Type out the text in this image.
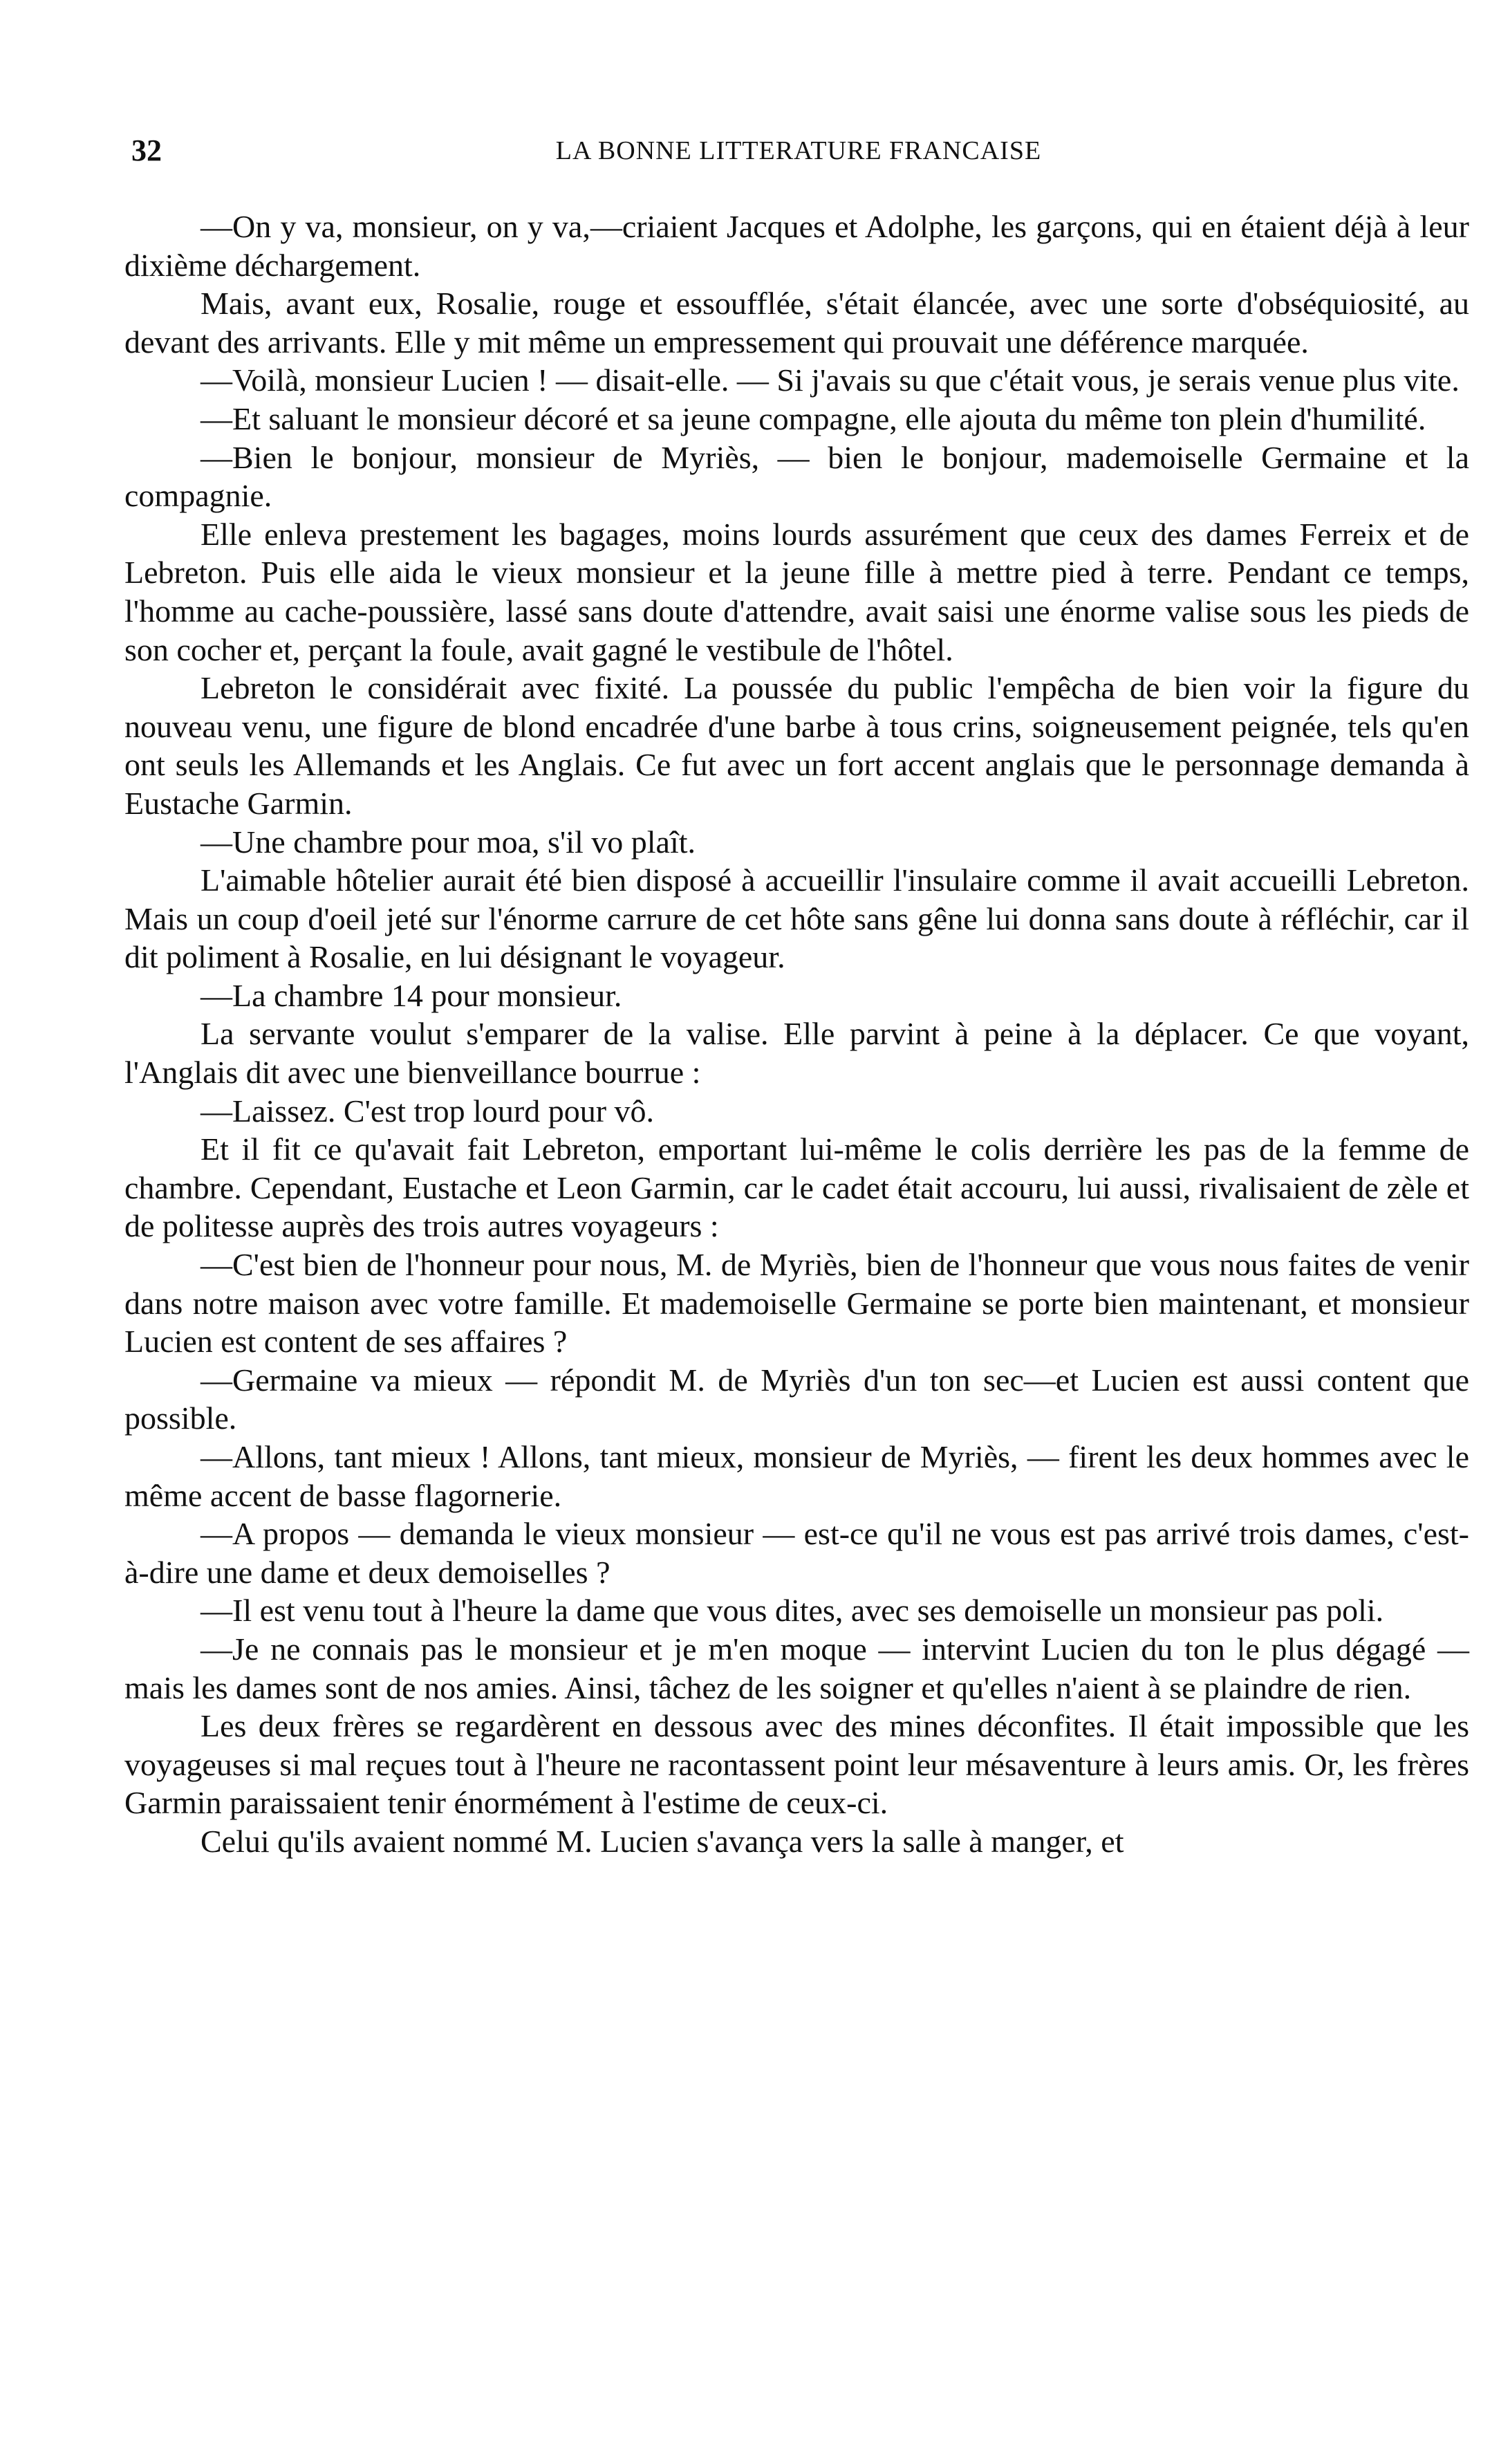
32	LA BONNE LITTERATURE FRANCAISE

—On y va, monsieur, on y va,—criaient Jacques et Adolphe, les garçons, qui en étaient déjà à leur dixième déchargement.

Mais, avant eux, Rosalie, rouge et essoufflée, s'était élancée, avec une sorte d'obséquiosité, au devant des arrivants. Elle y mit même un empressement qui prouvait une déférence marquée.

—Voilà, monsieur Lucien ! — disait-elle. — Si j'avais su que c'était vous, je serais venue plus vite.

—Et saluant le monsieur décoré et sa jeune compagne, elle ajouta du même ton plein d'humilité.

—Bien le bonjour, monsieur de Myriès, — bien le bonjour, mademoiselle Germaine et la compagnie.

Elle enleva prestement les bagages, moins lourds assurément que ceux des dames Ferreix et de Lebreton. Puis elle aida le vieux monsieur et la jeune fille à mettre pied à terre. Pendant ce temps, l'homme au cache-poussière, lassé sans doute d'attendre, avait saisi une énorme valise sous les pieds de son cocher et, perçant la foule, avait gagné le vestibule de l'hôtel.

Lebreton le considérait avec fixité. La poussée du public l'empêcha de bien voir la figure du nouveau venu, une figure de blond encadrée d'une barbe à tous crins, soigneusement peignée, tels qu'en ont seuls les Allemands et les Anglais. Ce fut avec un fort accent anglais que le personnage demanda à Eustache Garmin.

—Une chambre pour moa, s'il vo plaît.

L'aimable hôtelier aurait été bien disposé à accueillir l'insulaire comme il avait accueilli Lebreton. Mais un coup d'oeil jeté sur l'énorme carrure de cet hôte sans gêne lui donna sans doute à réfléchir, car il dit poliment à Rosalie, en lui désignant le voyageur.

—La chambre 14 pour monsieur.

La servante voulut s'emparer de la valise. Elle parvint à peine à la déplacer. Ce que voyant, l'Anglais dit avec une bienveillance bourrue :

—Laissez. C'est trop lourd pour vô.

Et il fit ce qu'avait fait Lebreton, emportant lui-même le colis derrière les pas de la femme de chambre. Cependant, Eustache et Leon Garmin, car le cadet était accouru, lui aussi, rivalisaient de zèle et de politesse auprès des trois autres voyageurs :

—C'est bien de l'honneur pour nous, M. de Myriès, bien de l'honneur que vous nous faites de venir dans notre maison avec votre famille. Et mademoiselle Germaine se porte bien maintenant, et monsieur Lucien est content de ses affaires ?

—Germaine va mieux — répondit M. de Myriès d'un ton sec—et Lucien est aussi content que possible.

—Allons, tant mieux ! Allons, tant mieux, monsieur de Myriès, — firent les deux hommes avec le même accent de basse flagornerie.

—A propos — demanda le vieux monsieur — est-ce qu'il ne vous est pas arrivé trois dames, c'est-à-dire une dame et deux demoiselles ?

—Il est venu tout à l'heure la dame que vous dites, avec ses demoiselle un monsieur pas poli.

—Je ne connais pas le monsieur et je m'en moque — intervint Lucien du ton le plus dégagé — mais les dames sont de nos amies. Ainsi, tâchez de les soigner et qu'elles n'aient à se plaindre de rien.

Les deux frères se regardèrent en dessous avec des mines déconfites. Il était impossible que les voyageuses si mal reçues tout à l'heure ne racontassent point leur mésaventure à leurs amis. Or, les frères Garmin paraissaient tenir énormément à l'estime de ceux-ci.

Celui qu'ils avaient nommé M. Lucien s'avança vers la salle à manger, et
